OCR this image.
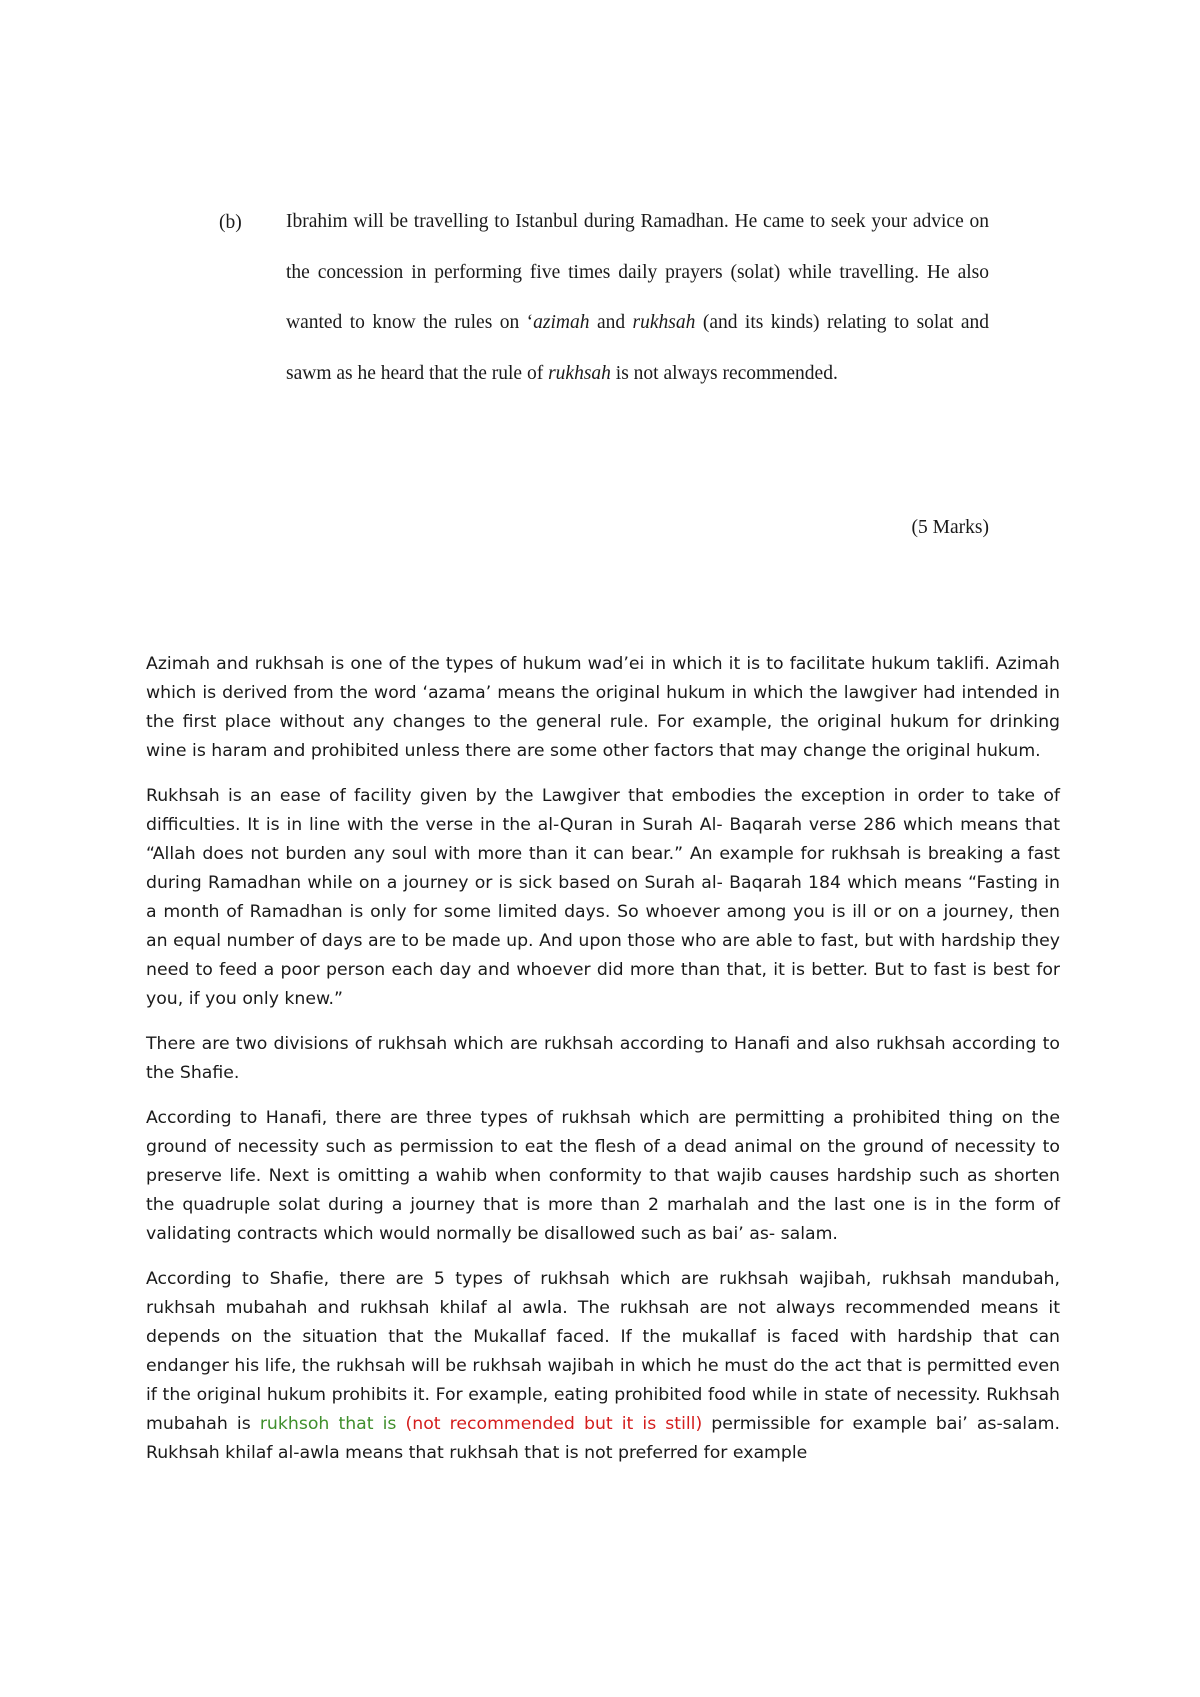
(b) Ibrahim will be travelling to Istanbul during Ramadhan. He came to seek your advice on the concession in performing five times daily prayers (solat) while travelling. He also wanted to know the rules on ‘azimah and rukhsah (and its kinds) relating to solat and sawm as he heard that the rule of rukhsah is not always recommended.
(5 Marks)

Azimah and rukhsah is one of the types of hukum wad’ei in which it is to facilitate hukum taklifi. Azimah which is derived from the word ‘azama’ means the original hukum in which the lawgiver had intended in the first place without any changes to the general rule. For example, the original hukum for drinking wine is haram and prohibited unless there are some other factors that may change the original hukum.

Rukhsah is an ease of facility given by the Lawgiver that embodies the exception in order to take of difficulties. It is in line with the verse in the al-Quran in Surah Al- Baqarah verse 286 which means that “Allah does not burden any soul with more than it can bear.” An example for rukhsah is breaking a fast during Ramadhan while on a journey or is sick based on Surah al- Baqarah 184 which means “Fasting in a month of Ramadhan is only for some limited days. So whoever among you is ill or on a journey, then an equal number of days are to be made up. And upon those who are able to fast, but with hardship they need to feed a poor person each day and whoever did more than that, it is better. But to fast is best for you, if you only knew.”

There are two divisions of rukhsah which are rukhsah according to Hanafi and also rukhsah according to the Shafie.

According to Hanafi, there are three types of rukhsah which are permitting a prohibited thing on the ground of necessity such as permission to eat the flesh of a dead animal on the ground of necessity to preserve life. Next is omitting a wahib when conformity to that wajib causes hardship such as shorten the quadruple solat during a journey that is more than 2 marhalah and the last one is in the form of validating contracts which would normally be disallowed such as bai’ as- salam.

According to Shafie, there are 5 types of rukhsah which are rukhsah wajibah, rukhsah mandubah, rukhsah mubahah and rukhsah khilaf al awla. The rukhsah are not always recommended means it depends on the situation that the Mukallaf faced. If the mukallaf is faced with hardship that can endanger his life, the rukhsah will be rukhsah wajibah in which he must do the act that is permitted even if the original hukum prohibits it. For example, eating prohibited food while in state of necessity. Rukhsah mubahah is rukhsoh that is (not recommended but it is still) permissible for example bai’ as-salam. Rukhsah khilaf al-awla means that rukhsah that is not preferred for example
